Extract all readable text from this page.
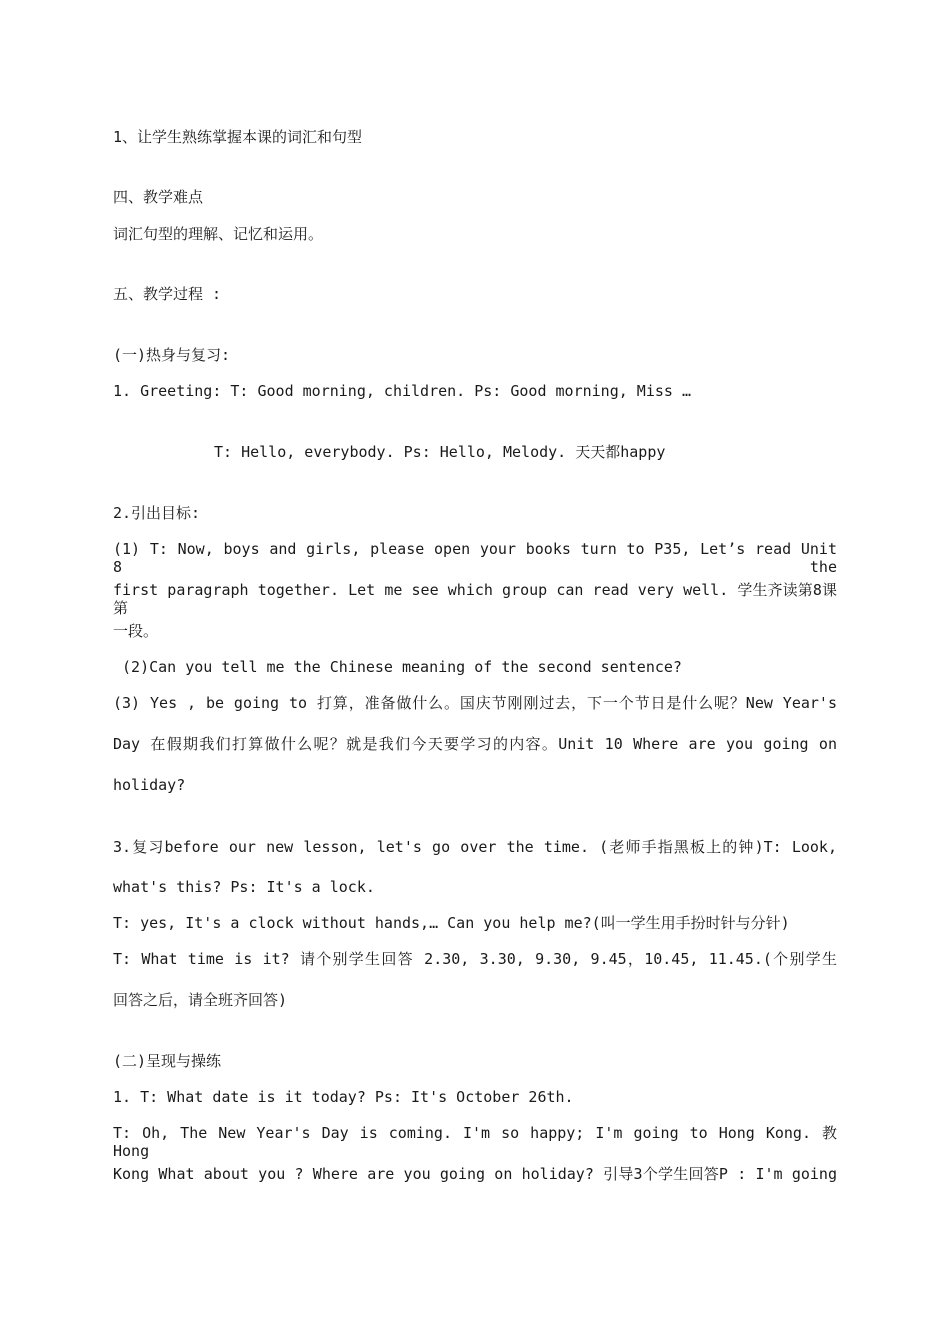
1、让学生熟练掌握本课的词汇和句型
四、教学难点
词汇句型的理解、记忆和运用。
五、教学过程 :
(一)热身与复习:
1. Greeting: T: Good morning, children. Ps: Good morning, Miss …
T: Hello, everybody. Ps: Hello, Melody. 天天都happy
2.引出目标:
(1) T: Now, boys and girls, please open your books turn to P35, Let’s read Unit 8 the
first paragraph together. Let me see which group can read very well. 学生齐读第8课第
一段。
(2)Can you tell me the Chinese meaning of the second sentence?
(3) Yes , be going to 打算，准备做什么。国庆节刚刚过去，下一个节日是什么呢？New Year's
Day 在假期我们打算做什么呢？就是我们今天要学习的内容。Unit 10 Where are you going on
holiday?
3.复习before our new lesson, let's go over the time. (老师手指黑板上的钟)T: Look,
what's this? Ps: It's a lock.
T: yes, It's a clock without hands,… Can you help me?(叫一学生用手扮时针与分针)
T: What time is it? 请个别学生回答 2.30, 3.30, 9.30, 9.45，10.45, 11.45.(个别学生
回答之后，请全班齐回答)
(二)呈现与操练
1. T: What date is it today? Ps: It's October 26th.
T: Oh, The New Year's Day is coming. I'm so happy; I'm going to Hong Kong. 教Hong
Kong What about you ? Where are you going on holiday? 引导3个学生回答P : I'm going
